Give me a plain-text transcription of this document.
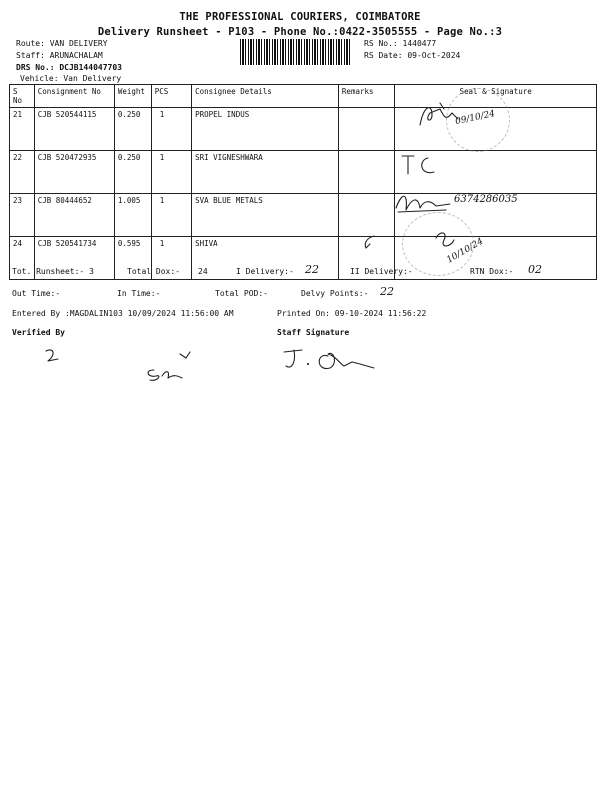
THE PROFESSIONAL COURIERS, COIMBATORE
Delivery Runsheet - P103 - Phone No.:0422-3505555 - Page No.:3
Route: VAN DELIVERY
Staff: ARUNACHALAM
DRS No.: DCJB144047703
Vehicle: Van Delivery
RS No.: 1440477
RS Date: 09-Oct-2024
S No	Consignment No	Weight	PCS	Consignee Details	Remarks	Seal & Signature
21	CJB 520544115	0.250	1	PROPEL INDUS		
22	CJB 520472935	0.250	1	SRI VIGNESHWARA		
23	CJB 80444652	1.005	1	SVA BLUE METALS		
24	CJB 520541734	0.595	1	SHIVA		
09/10/24
6374286035
10/10/24
Tot. Runsheet:- 3	Total Dox:- 24	I Delivery:- 22	II Delivery:-	RTN Dox:- 02
Out Time:-	In Time:-	Total POD:-	Delvy Points:- 22
Entered By :MAGDALIN103 10/09/2024 11:56:00 AM	Printed On: 09-10-2024 11:56:22
Verified By	Staff Signature
